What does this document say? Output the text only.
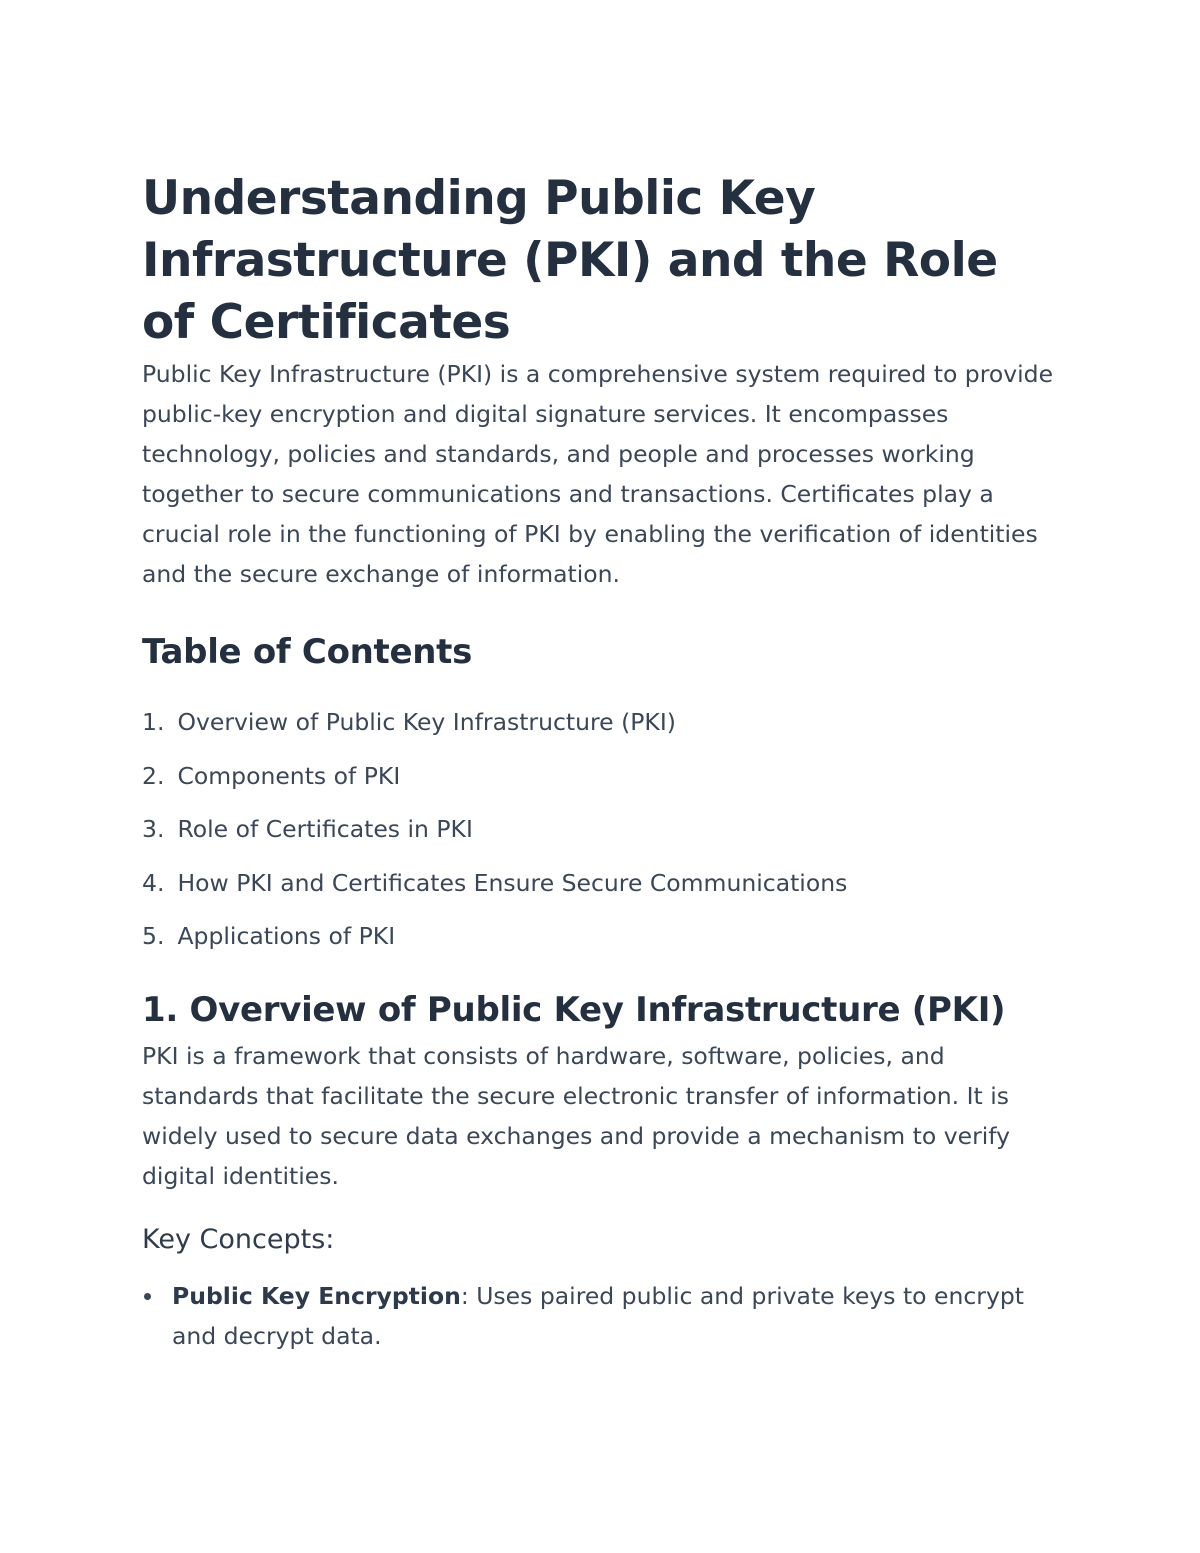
Understanding Public Key Infrastructure (PKI) and the Role of Certificates

Public Key Infrastructure (PKI) is a comprehensive system required to provide public-key encryption and digital signature services. It encompasses technology, policies and standards, and people and processes working together to secure communications and transactions. Certificates play a crucial role in the functioning of PKI by enabling the verification of identities and the secure exchange of information.

Table of Contents
1. Overview of Public Key Infrastructure (PKI)
2. Components of PKI
3. Role of Certificates in PKI
4. How PKI and Certificates Ensure Secure Communications
5. Applications of PKI
1. Overview of Public Key Infrastructure (PKI)

PKI is a framework that consists of hardware, software, policies, and standards that facilitate the secure electronic transfer of information. It is widely used to secure data exchanges and provide a mechanism to verify digital identities.

Key Concepts:
Public Key Encryption: Uses paired public and private keys to encrypt and decrypt data.
